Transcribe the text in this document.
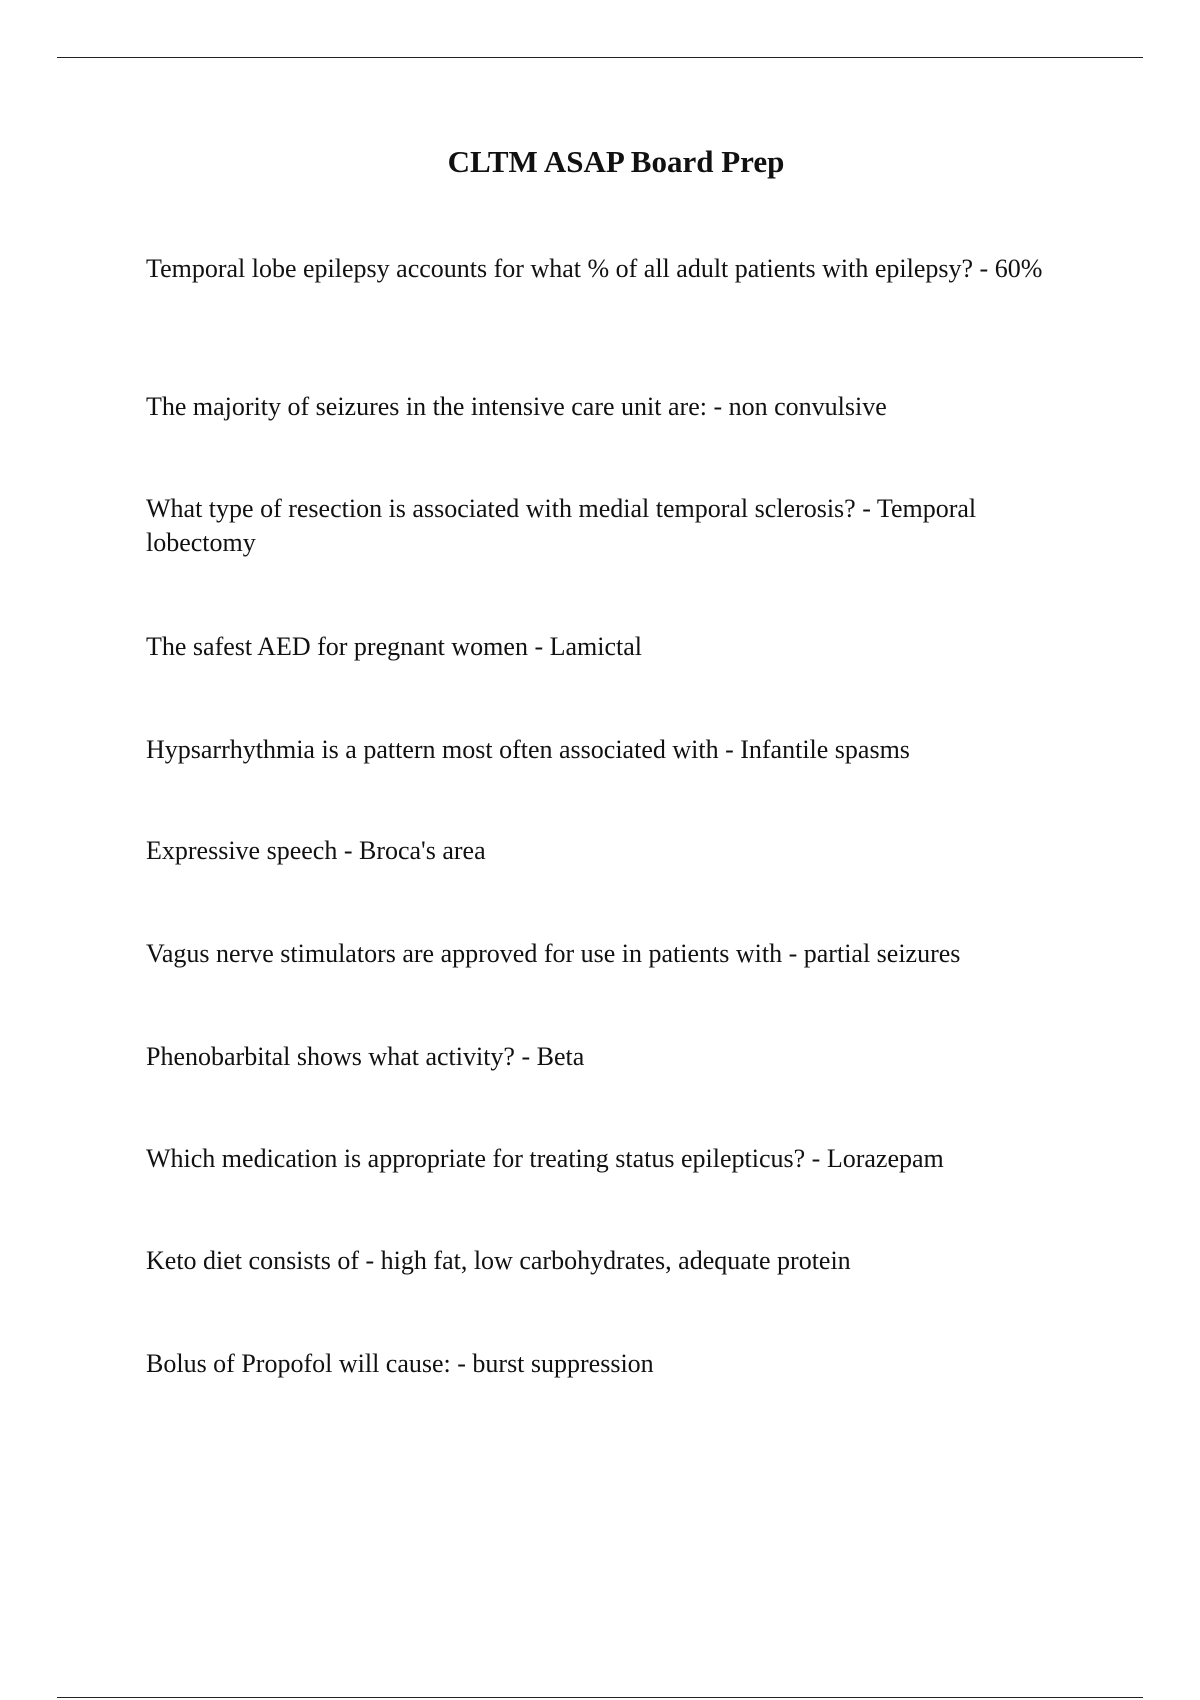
CLTM ASAP Board Prep
Temporal lobe epilepsy accounts for what % of all adult patients with epilepsy? - 60%
The majority of seizures in the intensive care unit are: - non convulsive
What type of resection is associated with medial temporal sclerosis? - Temporal lobectomy
The safest AED for pregnant women - Lamictal
Hypsarrhythmia is a pattern most often associated with - Infantile spasms
Expressive speech - Broca's area
Vagus nerve stimulators are approved for use in patients with - partial seizures
Phenobarbital shows what activity? - Beta
Which medication is appropriate for treating status epilepticus? - Lorazepam
Keto diet consists of - high fat, low carbohydrates, adequate protein
Bolus of Propofol will cause: - burst suppression
